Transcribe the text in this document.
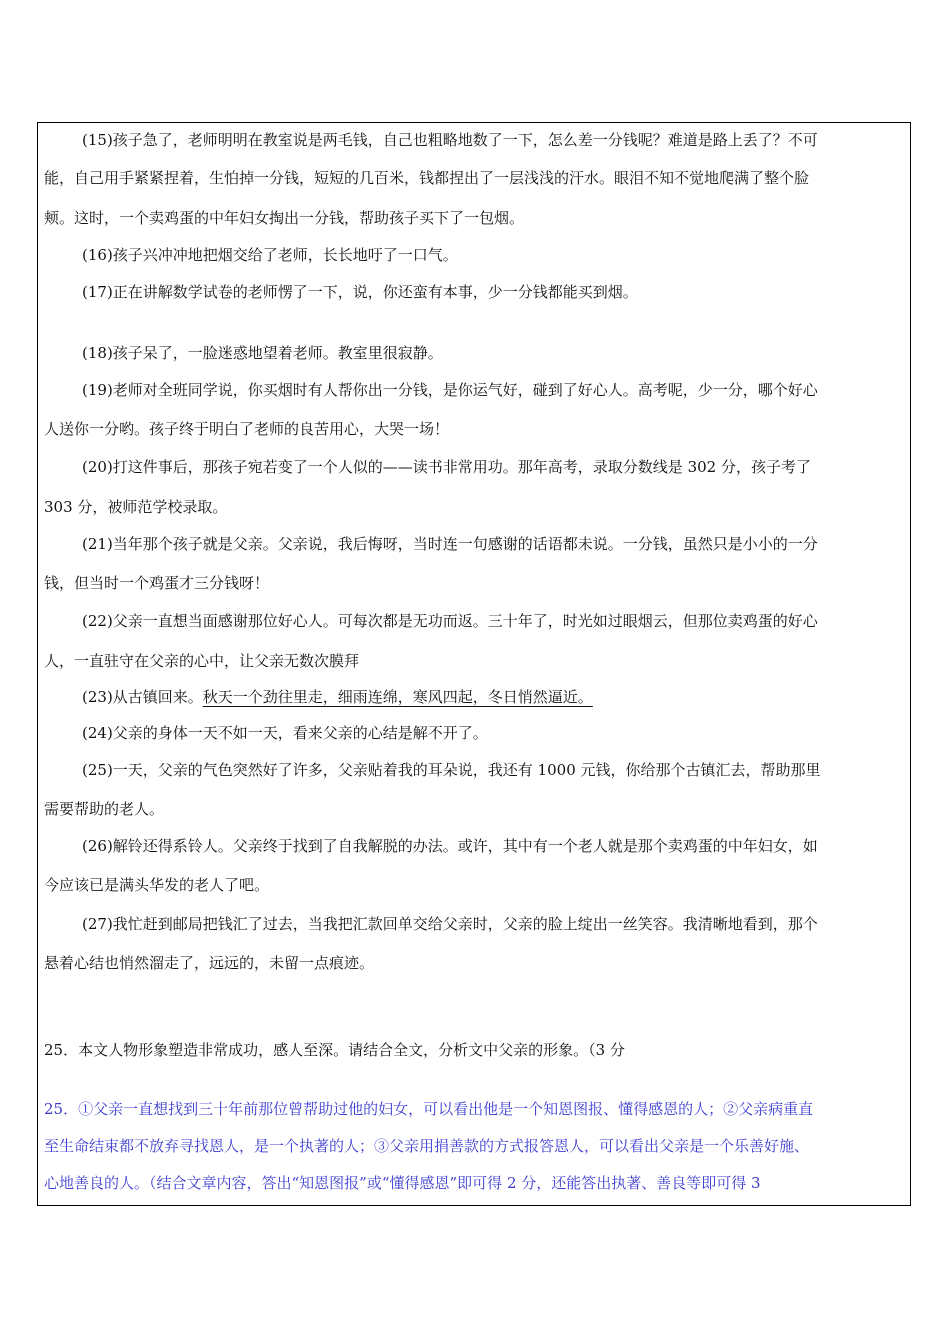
(15)孩子急了，老师明明在教室说是两毛钱，自己也粗略地数了一下，怎么差一分钱呢？难道是路上丢了？不可

能，自己用手紧紧捏着，生怕掉一分钱，短短的几百米，钱都捏出了一层浅浅的汗水。眼泪不知不觉地爬满了整个脸

颊。这时，一个卖鸡蛋的中年妇女掏出一分钱，帮助孩子买下了一包烟。

(16)孩子兴冲冲地把烟交给了老师，长长地吁了一口气。

(17)正在讲解数学试卷的老师愣了一下，说，你还蛮有本事，少一分钱都能买到烟。

(18)孩子呆了，一脸迷惑地望着老师。教室里很寂静。

(19)老师对全班同学说，你买烟时有人帮你出一分钱，是你运气好，碰到了好心人。高考呢，少一分，哪个好心

人送你一分哟。孩子终于明白了老师的良苦用心，大哭一场！

(20)打这件事后，那孩子宛若变了一个人似的——读书非常用功。那年高考，录取分数线是 302 分，孩子考了

303 分，被师范学校录取。

(21)当年那个孩子就是父亲。父亲说，我后悔呀，当时连一句感谢的话语都未说。一分钱，虽然只是小小的一分

钱，但当时一个鸡蛋才三分钱呀！

(22)父亲一直想当面感谢那位好心人。可每次都是无功而返。三十年了，时光如过眼烟云，但那位卖鸡蛋的好心

人，一直驻守在父亲的心中，让父亲无数次膜拜

(23)从古镇回来。秋天一个劲往里走，细雨连绵，寒风四起，冬日悄然逼近。

(24)父亲的身体一天不如一天，看来父亲的心结是解不开了。

(25)一天，父亲的气色突然好了许多，父亲贴着我的耳朵说，我还有 1000 元钱，你给那个古镇汇去，帮助那里

需要帮助的老人。

(26)解铃还得系铃人。父亲终于找到了自我解脱的办法。或许，其中有一个老人就是那个卖鸡蛋的中年妇女，如

今应该已是满头华发的老人了吧。

(27)我忙赶到邮局把钱汇了过去，当我把汇款回单交给父亲时，父亲的脸上绽出一丝笑容。我清晰地看到，那个

悬着心结也悄然溜走了，远远的，未留一点痕迹。

25．本文人物形象塑造非常成功，感人至深。请结合全文，分析文中父亲的形象。（3 分

25．①父亲一直想找到三十年前那位曾帮助过他的妇女，可以看出他是一个知恩图报、懂得感恩的人；②父亲病重直

至生命结束都不放弃寻找恩人，是一个执著的人；③父亲用捐善款的方式报答恩人，可以看出父亲是一个乐善好施、

心地善良的人。（结合文章内容，答出“知恩图报”或“懂得感恩”即可得 2 分，还能答出执著、善良等即可得 3
